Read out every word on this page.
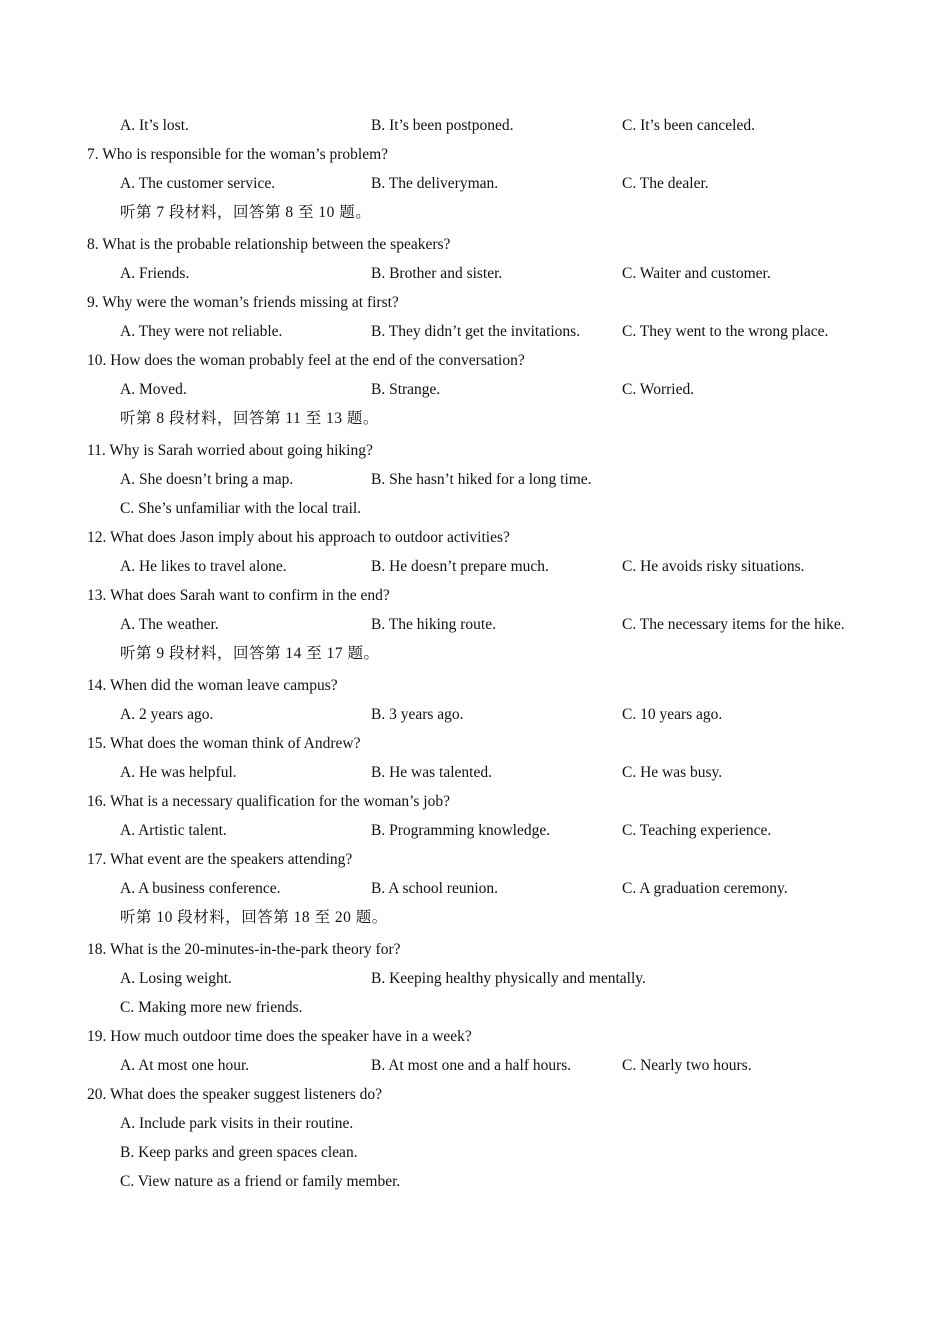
A. It’s lost.	B. It’s been postponed.	C. It’s been canceled.
7. Who is responsible for the woman’s problem?
A. The customer service.	B. The deliveryman.	C. The dealer.
听第 7 段材料，回答第 8 至 10 题。
8. What is the probable relationship between the speakers?
A. Friends.	B. Brother and sister.	C. Waiter and customer.
9. Why were the woman’s friends missing at first?
A. They were not reliable.	B. They didn’t get the invitations.	C. They went to the wrong place.
10. How does the woman probably feel at the end of the conversation?
A. Moved.	B. Strange.	C. Worried.
听第 8 段材料，回答第 11 至 13 题。
11. Why is Sarah worried about going hiking?
A. She doesn’t bring a map.	B. She hasn’t hiked for a long time.
C. She’s unfamiliar with the local trail.
12. What does Jason imply about his approach to outdoor activities?
A. He likes to travel alone.	B. He doesn’t prepare much.	C. He avoids risky situations.
13. What does Sarah want to confirm in the end?
A. The weather.	B. The hiking route.	C. The necessary items for the hike.
听第 9 段材料，回答第 14 至 17 题。
14. When did the woman leave campus?
A. 2 years ago.	B. 3 years ago.	C. 10 years ago.
15. What does the woman think of Andrew?
A. He was helpful.	B. He was talented.	C. He was busy.
16. What is a necessary qualification for the woman’s job?
A. Artistic talent.	B. Programming knowledge.	C. Teaching experience.
17. What event are the speakers attending?
A. A business conference.	B. A school reunion.	C. A graduation ceremony.
听第 10 段材料，回答第 18 至 20 题。
18. What is the 20-minutes-in-the-park theory for?
A. Losing weight.	B. Keeping healthy physically and mentally.
C. Making more new friends.
19. How much outdoor time does the speaker have in a week?
A. At most one hour.	B. At most one and a half hours.	C. Nearly two hours.
20. What does the speaker suggest listeners do?
A. Include park visits in their routine.
B. Keep parks and green spaces clean.
C. View nature as a friend or family member.
